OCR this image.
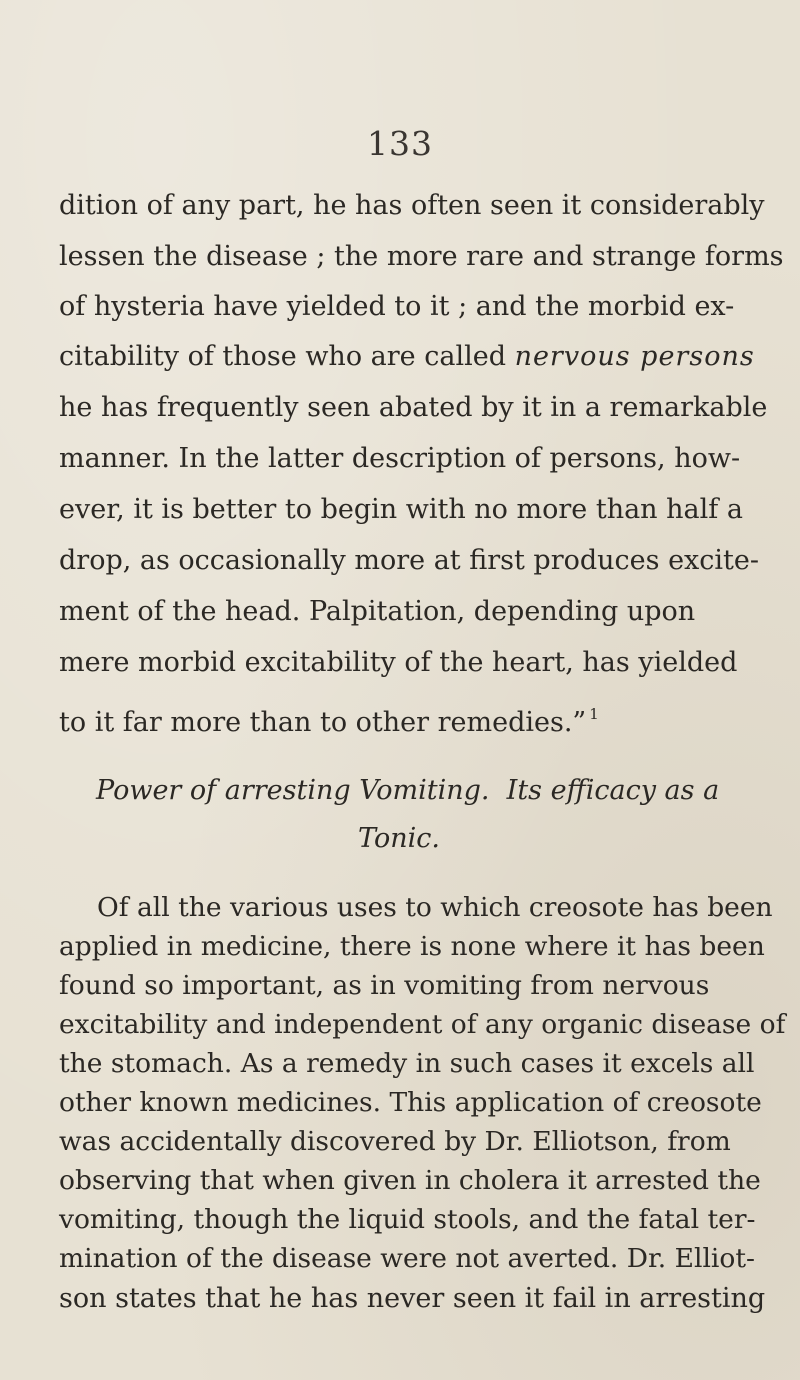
133
dition of any part, he has often seen it considerably
lessen the disease ; the more rare and strange forms
of hysteria have yielded to it ; and the morbid ex-
citability of those who are called nervous persons
he has frequently seen abated by it in a remarkable
manner. In the latter description of persons, how-
ever, it is better to begin with no more than half a
drop, as occasionally more at first produces excite-
ment of the head. Palpitation, depending upon
mere morbid excitability of the heart, has yielded
to it far more than to other remedies.” $^1$
Power of arresting Vomiting.  Its efficacy as a
Tonic.
Of all the various uses to which creosote has been
applied in medicine, there is none where it has been
found so important, as in vomiting from nervous
excitability and independent of any organic disease of
the stomach. As a remedy in such cases it excels all
other known medicines. This application of creosote
was accidentally discovered by Dr. Elliotson, from
observing that when given in cholera it arrested the
vomiting, though the liquid stools, and the fatal ter-
mination of the disease were not averted. Dr. Elliot-
son states that he has never seen it fail in arresting
